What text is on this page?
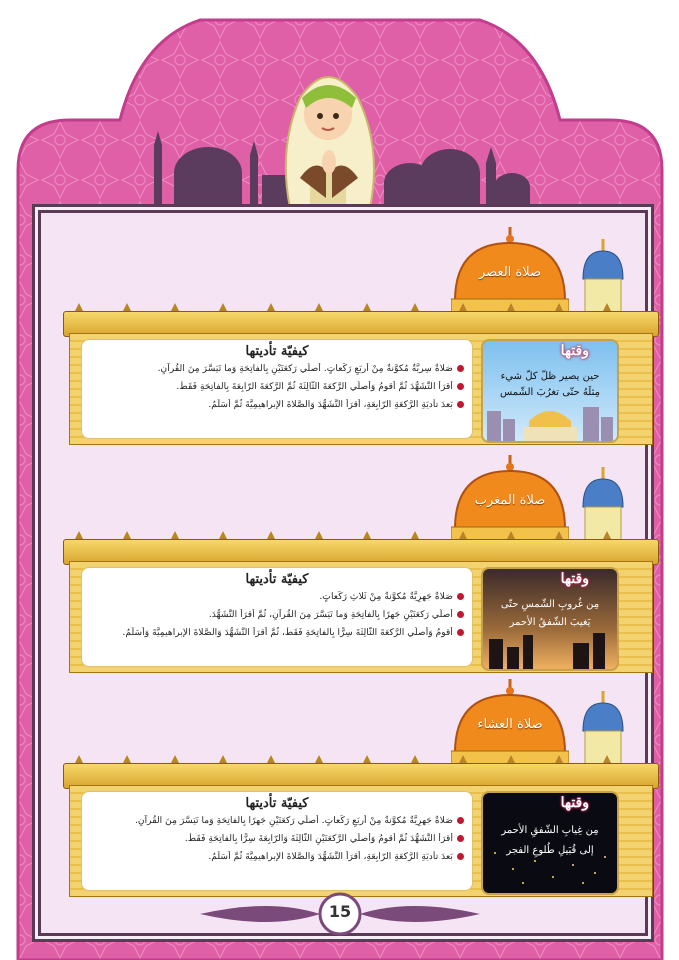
صلاة العصر
كيفيّة تأديتها
صَلاةٌ سِريَّةٌ مُكوَّنةٌ مِنْ أَربَعِ رَكَعاتٍ. أُصلّي رَكعَتَيْنِ بِالفاتِحَةِ وَما تَيَسَّرَ مِنَ القُرآنِ.
أَقرَأُ التَّشَهُّدَ ثُمَّ أَقومُ وَأُصلّي الرَّكعَةَ الثّالِثَةَ ثُمَّ الرَّكعَةَ الرّابِعَةَ بِالفاتِحَةِ فَقَطْ.
بَعدَ تأديَةِ الرَّكعَةِ الرّابِعَةِ، أَقرَأُ التَّشَهُّدَ وَالصَّلاةَ الإبراهيمِيَّةَ ثُمَّ أُسَلِّمُ.
وقتها
حين يصير ظلّ كلّ شيء
مِثلَهُ حتّى تغرُبَ الشّمس
صلاة المغرب
كيفيّة تأديتها
صَلاةٌ جَهرِيَّةٌ مُكوَّنةٌ مِنْ ثَلاثِ رَكَعاتٍ.
أُصلّي رَكعَتَيْنِ جَهرًا بِالفاتِحَةِ وَما تَيَسَّرَ مِنَ القُرآنِ، ثُمَّ أَقرَأُ التَّشَهُّدَ.
أَقومُ وَأُصلّي الرَّكعَةَ الثّالِثَةَ سِرًّا بِالفاتِحَةِ فَقَطْ، ثُمَّ أَقرَأُ التَّشَهُّدَ وَالصَّلاةَ الإبراهيمِيَّةَ وَأُسَلِّمُ.
وقتها
مِن غُروبِ الشّمسِ حتّى
يَغيبَ الشّفقُ الأحمر
صلاة العشاء
كيفيّة تأديتها
صَلاةٌ جَهرِيَّةٌ مُكوَّنةٌ مِنْ أَربَعِ رَكَعاتٍ. أُصلّي رَكعَتَيْنِ جَهرًا بِالفاتِحَةِ وَما تَيَسَّرَ مِنَ القُرآنِ.
أَقرَأُ التَّشَهُّدَ ثُمَّ أَقومُ وَأُصلّي الرَّكعَتَيْنِ الثّالِثَةَ وَالرّابِعَةَ سِرًّا بِالفاتِحَةِ فَقَطْ.
بَعدَ تأديَةِ الرَّكعَةِ الرّابِعَةِ، أَقرَأُ التَّشَهُّدَ وَالصَّلاةَ الإبراهيمِيَّةَ ثُمَّ أُسَلِّمُ.
وقتها
مِن غِيابِ الشّفقِ الأحمر
إلى قُبَيلِ طُلوعِ الفجر
15
